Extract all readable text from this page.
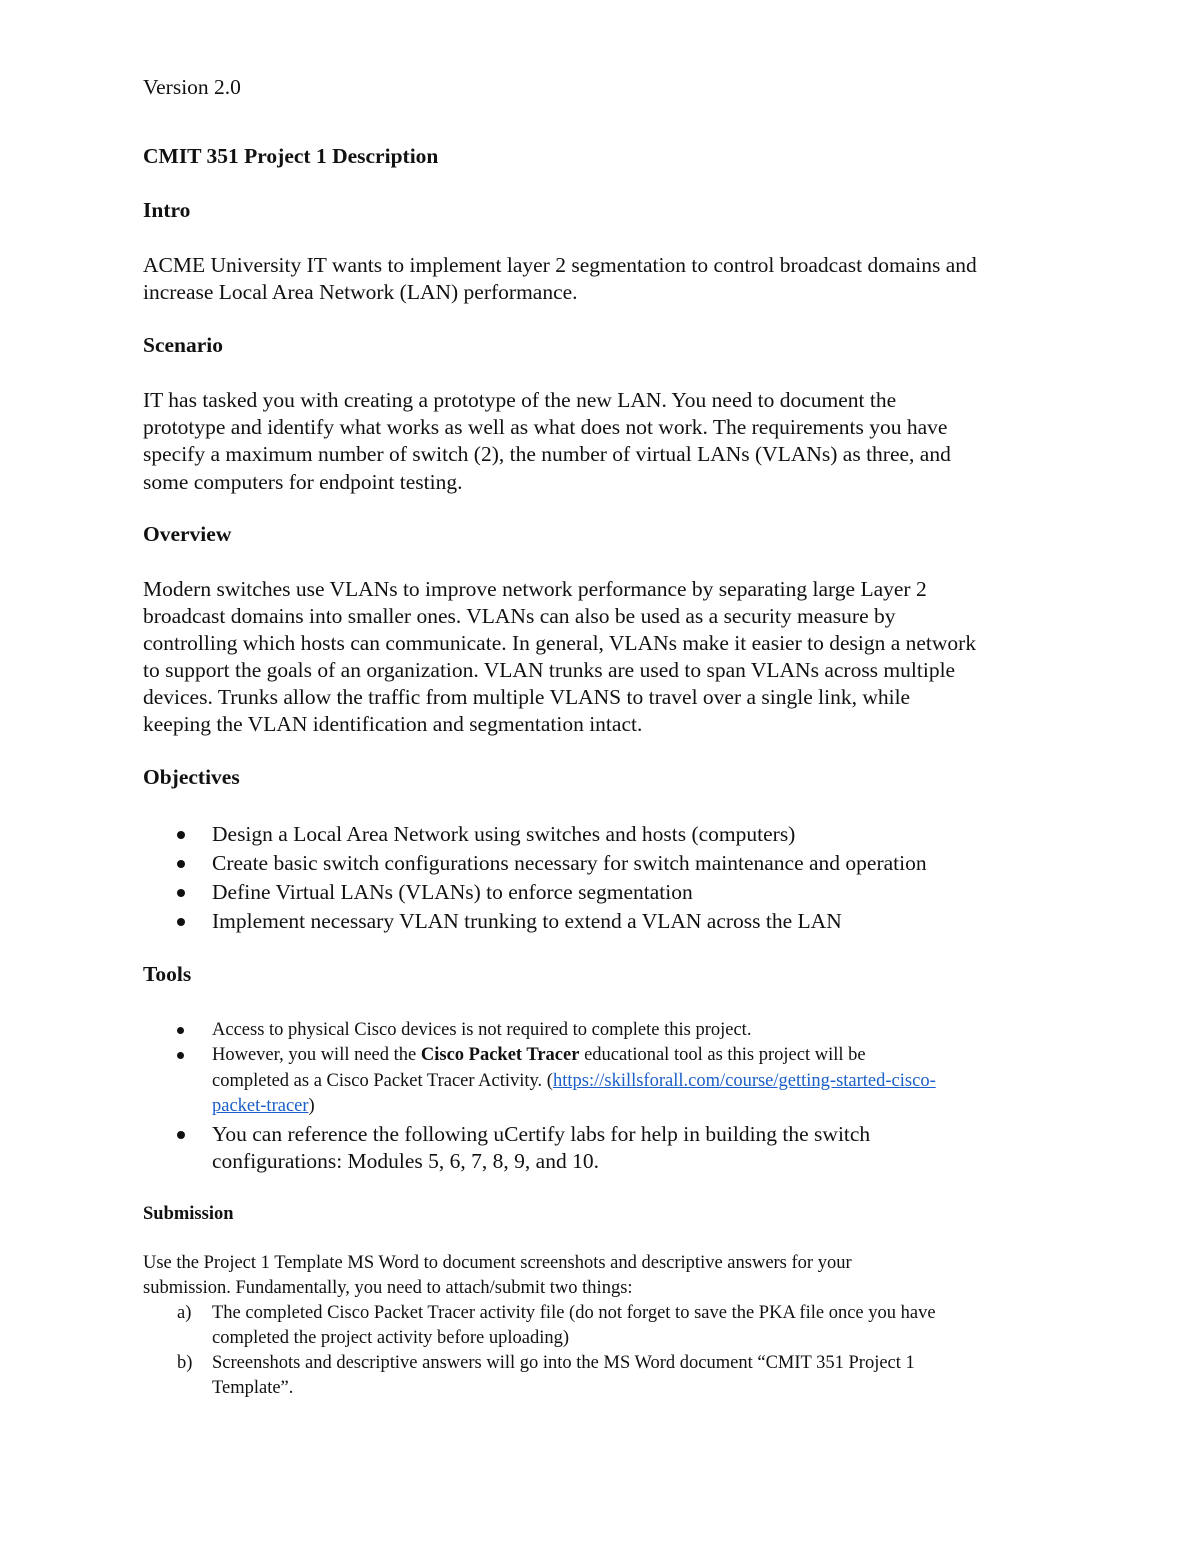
Version 2.0

CMIT 351 Project 1 Description

Intro

ACME University IT wants to implement layer 2 segmentation to control broadcast domains and

increase Local Area Network (LAN) performance.

Scenario

IT has tasked you with creating a prototype of the new LAN. You need to document the

prototype and identify what works as well as what does not work. The requirements you have

specify a maximum number of switch (2), the number of virtual LANs (VLANs) as three, and

some computers for endpoint testing.

Overview

Modern switches use VLANs to improve network performance by separating large Layer 2

broadcast domains into smaller ones. VLANs can also be used as a security measure by

controlling which hosts can communicate. In general, VLANs make it easier to design a network

to support the goals of an organization. VLAN trunks are used to span VLANs across multiple

devices. Trunks allow the traffic from multiple VLANS to travel over a single link, while

keeping the VLAN identification and segmentation intact.

Objectives

Design a Local Area Network using switches and hosts (computers)

Create basic switch configurations necessary for switch maintenance and operation

Define Virtual LANs (VLANs) to enforce segmentation

Implement necessary VLAN trunking to extend a VLAN across the LAN

Tools

Access to physical Cisco devices is not required to complete this project.

However, you will need the Cisco Packet Tracer educational tool as this project will be

completed as a Cisco Packet Tracer Activity. (https://skillsforall.com/course/getting-started-cisco-

packet-tracer)

You can reference the following uCertify labs for help in building the switch

configurations: Modules 5, 6, 7, 8, 9, and 10.

Submission

Use the Project 1 Template MS Word to document screenshots and descriptive answers for your

submission. Fundamentally, you need to attach/submit two things:

a) The completed Cisco Packet Tracer activity file (do not forget to save the PKA file once you have

completed the project activity before uploading)

b) Screenshots and descriptive answers will go into the MS Word document “CMIT 351 Project 1

Template”.
